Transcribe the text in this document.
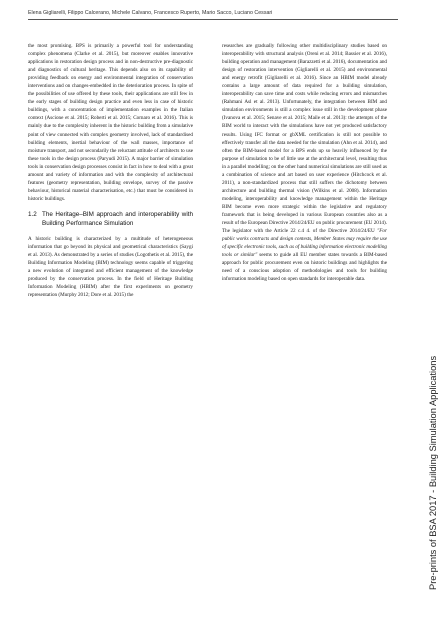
Elena Gigliarelli, Filippo Calcerano, Michele Calvano, Francesco Ruperto, Mario Sacco, Luciano Cessari

the most promising. BPS is primarily a powerful tool for understanding complex phenomena (Clarke et al. 2015), but moreover enables innovative applications in restoration design process and in non-destructive pre-diagnostic and diagnostics of cultural heritage. This depends also on its capability of providing feedback on energy and environmental integration of conservation interventions and on changes-embedded in the deterioration process. In spite of the possibilities of use offered by these tools, their applications are still few in the early stages of building design practice and even less in case of historic buildings, with a concentration of implementation examples in the Italian context (Ascione et al. 2015; Roberti et al. 2015; Cornaro et al. 2016). This is mainly due to the complexity inherent in the historic building from a simulative point of view connected with complex geometry involved, lack of standardised building elements, inertial behaviour of the wall masses, importance of moisture transport, and not secondarily the reluctant attitude of architects to use these tools in the design process (Paryudi 2015). A major barrier of simulation tools in conservation design processes consist in fact in how to deal with a great amount and variety of information and with the complexity of architectural features (geometry representation, building envelope, survey of the passive behaviour, historical material characterisation, etc.) that must be considered in historic buildings.

1.2 The Heritage–BIM approach and interoperability with Building Performance Simulation

A historic building is characterized by a multitude of heterogeneous information that go beyond its physical and geometrical characteristics (Saygi et al. 2013). As demonstrated by a series of studies (Logothetis et al. 2015), the Building Information Modeling (BIM) technology seems capable of triggering a new evolution of integrated and efficient management of the knowledge produced by the conservation process. In the field of Heritage Building Information Modeling (HBIM) after the first experiments on geometry representation (Murphy 2012; Dore et al. 2015) the

researches are gradually following other multidisciplinary studies based on interoperability with structural analysis (Oreni et al. 2014; Bassier et al. 2016), building operation and management (Barazzetti et al. 2016), documentation and design of restoration intervention (Gigliarelli et al. 2015) and environmental and energy retrofit (Gigliarelli et al. 2016). Since an HBIM model already contains a large amount of data required for a building simulation, interoperability can save time and costs while reducing errors and mismatches (Rahmani Asl et al. 2013). Unfortunately, the integration between BIM and simulation environments is still a complex issue still in the development phase (Ivanova et al. 2015; Senave et al. 2015; Maile et al. 2013): the attempts of the BIM world to interact with the simulations have not yet produced satisfactory results. Using IFC format or gbXML certification is still not possible to effectively transfer all the data needed for the simulation (Ahn et al. 2014), and often the BIM-based model for a BPS ends up so heavily influenced by the purpose of simulation to be of little use at the architectural level, resulting thus in a parallel modelling; on the other hand numerical simulations are still used as a combination of science and art based on user experience (Hitchcock et al. 2011), a non-standardized process that still suffers the dichotomy between architecture and building thermal vision (Wilkins et al. 2008). Information modeling, interoperability and knowledge management within the Heritage BIM become even more strategic within the legislative and regulatory framework that is being developed in various European countries also as a result of the European Directive 2014/24/EU on public procurement (EU 2014). The legislator with the Article 22 c.4 4. of the Directive 2014/24/EU "For public works contracts and design contests, Member States may require the use of specific electronic tools, such as of building information electronic modelling tools or similar" seems to guide all EU member states towards a BIM-based approach for public procurement even on historic buildings and highlights the need of a conscious adoption of methodologies and tools for building information modeling based on open standards for interoperable data.

Pre-prints of BSA 2017 - Building Simulation Applications
